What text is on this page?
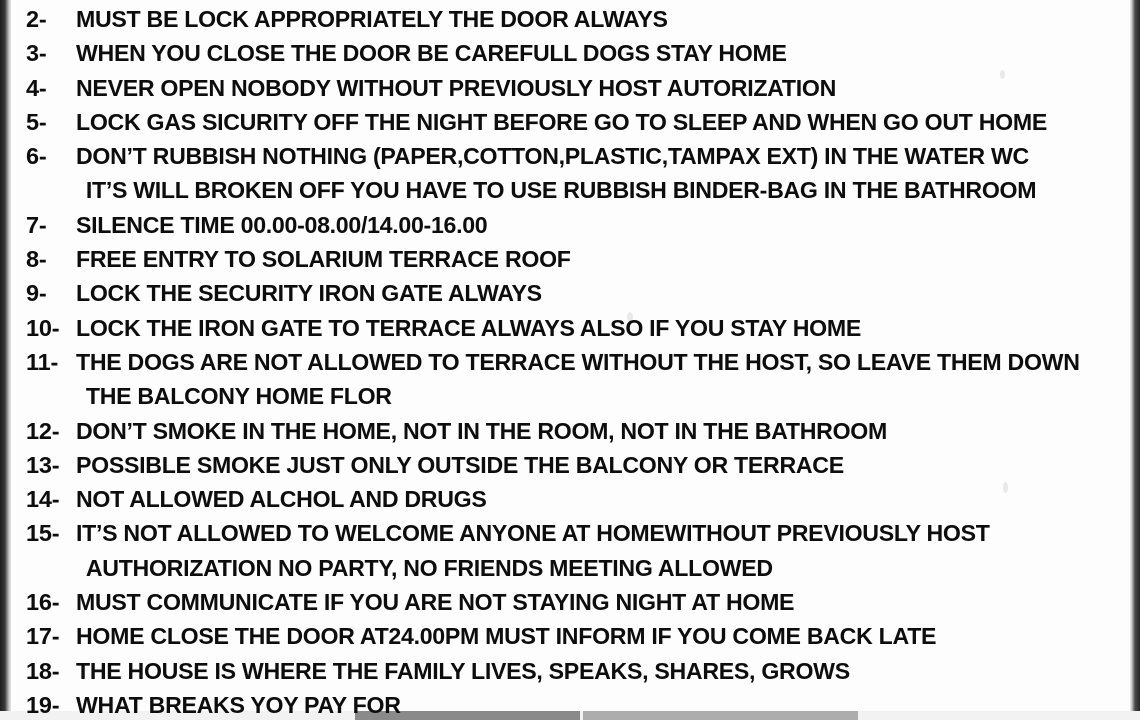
2-	MUST BE LOCK APPROPRIATELY THE DOOR ALWAYS
3-	WHEN YOU CLOSE THE DOOR BE CAREFULL DOGS STAY HOME
4-	NEVER OPEN NOBODY WITHOUT PREVIOUSLY HOST AUTORIZATION
5-	LOCK GAS SICURITY OFF THE NIGHT BEFORE GO TO SLEEP AND WHEN GO OUT HOME
6-	DON’T RUBBISH NOTHING (PAPER,COTTON,PLASTIC,TAMPAX EXT) IN THE WATER WC
IT’S WILL BROKEN OFF YOU HAVE TO USE RUBBISH BINDER-BAG IN THE BATHROOM
7-	SILENCE TIME 00.00-08.00/14.00-16.00
8-	FREE ENTRY TO SOLARIUM TERRACE ROOF
9-	LOCK THE SECURITY IRON GATE ALWAYS
10- LOCK THE IRON GATE TO TERRACE ALWAYS ALSO IF YOU STAY HOME
11- THE DOGS ARE NOT ALLOWED TO TERRACE WITHOUT THE HOST, SO LEAVE THEM DOWN
THE BALCONY HOME FLOR
12- DON’T SMOKE IN THE HOME, NOT IN THE ROOM, NOT IN THE BATHROOM
13- POSSIBLE SMOKE JUST ONLY OUTSIDE THE BALCONY OR TERRACE
14- NOT ALLOWED ALCHOL AND DRUGS
15- IT’S NOT ALLOWED TO WELCOME ANYONE AT HOMEWITHOUT PREVIOUSLY HOST
AUTHORIZATION NO PARTY, NO FRIENDS MEETING ALLOWED
16- MUST COMMUNICATE IF YOU ARE NOT STAYING NIGHT AT HOME
17- HOME CLOSE THE DOOR AT24.00PM MUST INFORM IF YOU COME BACK LATE
18- THE HOUSE IS WHERE THE FAMILY LIVES, SPEAKS, SHARES, GROWS
19- WHAT BREAKS YOY PAY FOR
